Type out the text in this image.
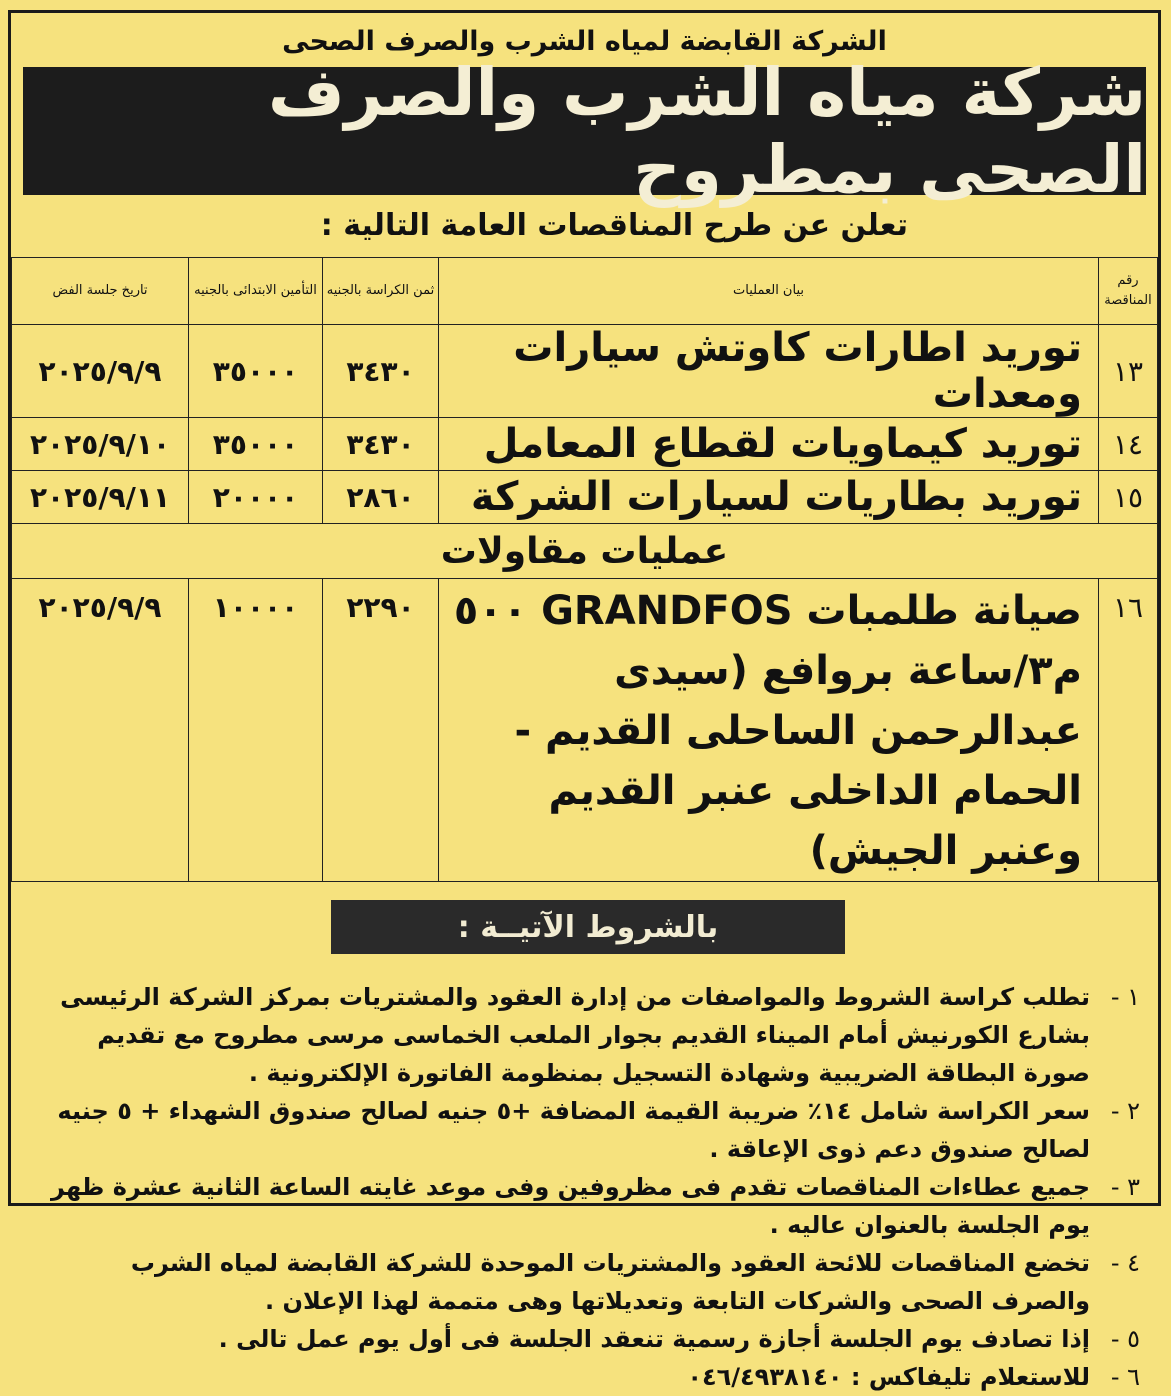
الشركة القابضة لمياه الشرب والصرف الصحى
شركة مياه الشرب والصرف الصحى بمطروح
تعلن عن طرح المناقصات العامة التالية :
رقم المناقصة	بيان العمليات	ثمن الكراسة بالجنيه	التأمين الابتدائى بالجنيه	تاريخ جلسة الفض
١٣	توريد اطارات كاوتش سيارات ومعدات	٣٤٣٠	٣٥٠٠٠	٢٠٢٥/٩/٩
١٤	توريد كيماويات لقطاع المعامل	٣٤٣٠	٣٥٠٠٠	٢٠٢٥/٩/١٠
١٥	توريد بطاريات لسيارات الشركة	٢٨٦٠	٢٠٠٠٠	٢٠٢٥/٩/١١
عمليات مقاولات				
١٦	صيانة طلمبات GRANDFOS ٥٠٠ م٣/ساعة بروافع (سيدى عبدالرحمن الساحلى القديم - الحمام الداخلى عنبر القديم وعنبر الجيش)	٢٢٩٠	١٠٠٠٠	٢٠٢٥/٩/٩
بالشروط الآتيــة :
١ -
تطلب كراسة الشروط والمواصفات من إدارة العقود والمشتريات بمركز الشركة الرئيسى بشارع الكورنيش أمام الميناء القديم بجوار الملعب الخماسى مرسى مطروح مع تقديم صورة البطاقة الضريبية وشهادة التسجيل بمنظومة الفاتورة الإلكترونية .
٢ -
سعر الكراسة شامل ١٤٪ ضريبة القيمة المضافة +٥ جنيه لصالح صندوق الشهداء + ٥ جنيه لصالح صندوق دعم ذوى الإعاقة .
٣ -
جميع عطاءات المناقصات تقدم فى مظروفين وفى موعد غايته الساعة الثانية عشرة ظهر يوم الجلسة بالعنوان عاليه .
٤ -
تخضع المناقصات للائحة العقود والمشتريات الموحدة للشركة القابضة لمياه الشرب والصرف الصحى والشركات التابعة وتعديلاتها وهى متممة لهذا الإعلان .
٥ -
إذا تصادف يوم الجلسة أجازة رسمية تنعقد الجلسة فى أول يوم عمل تالى .
٦ -
للاستعلام تليفاكس : ٠٤٦/٤٩٣٨١٤٠
